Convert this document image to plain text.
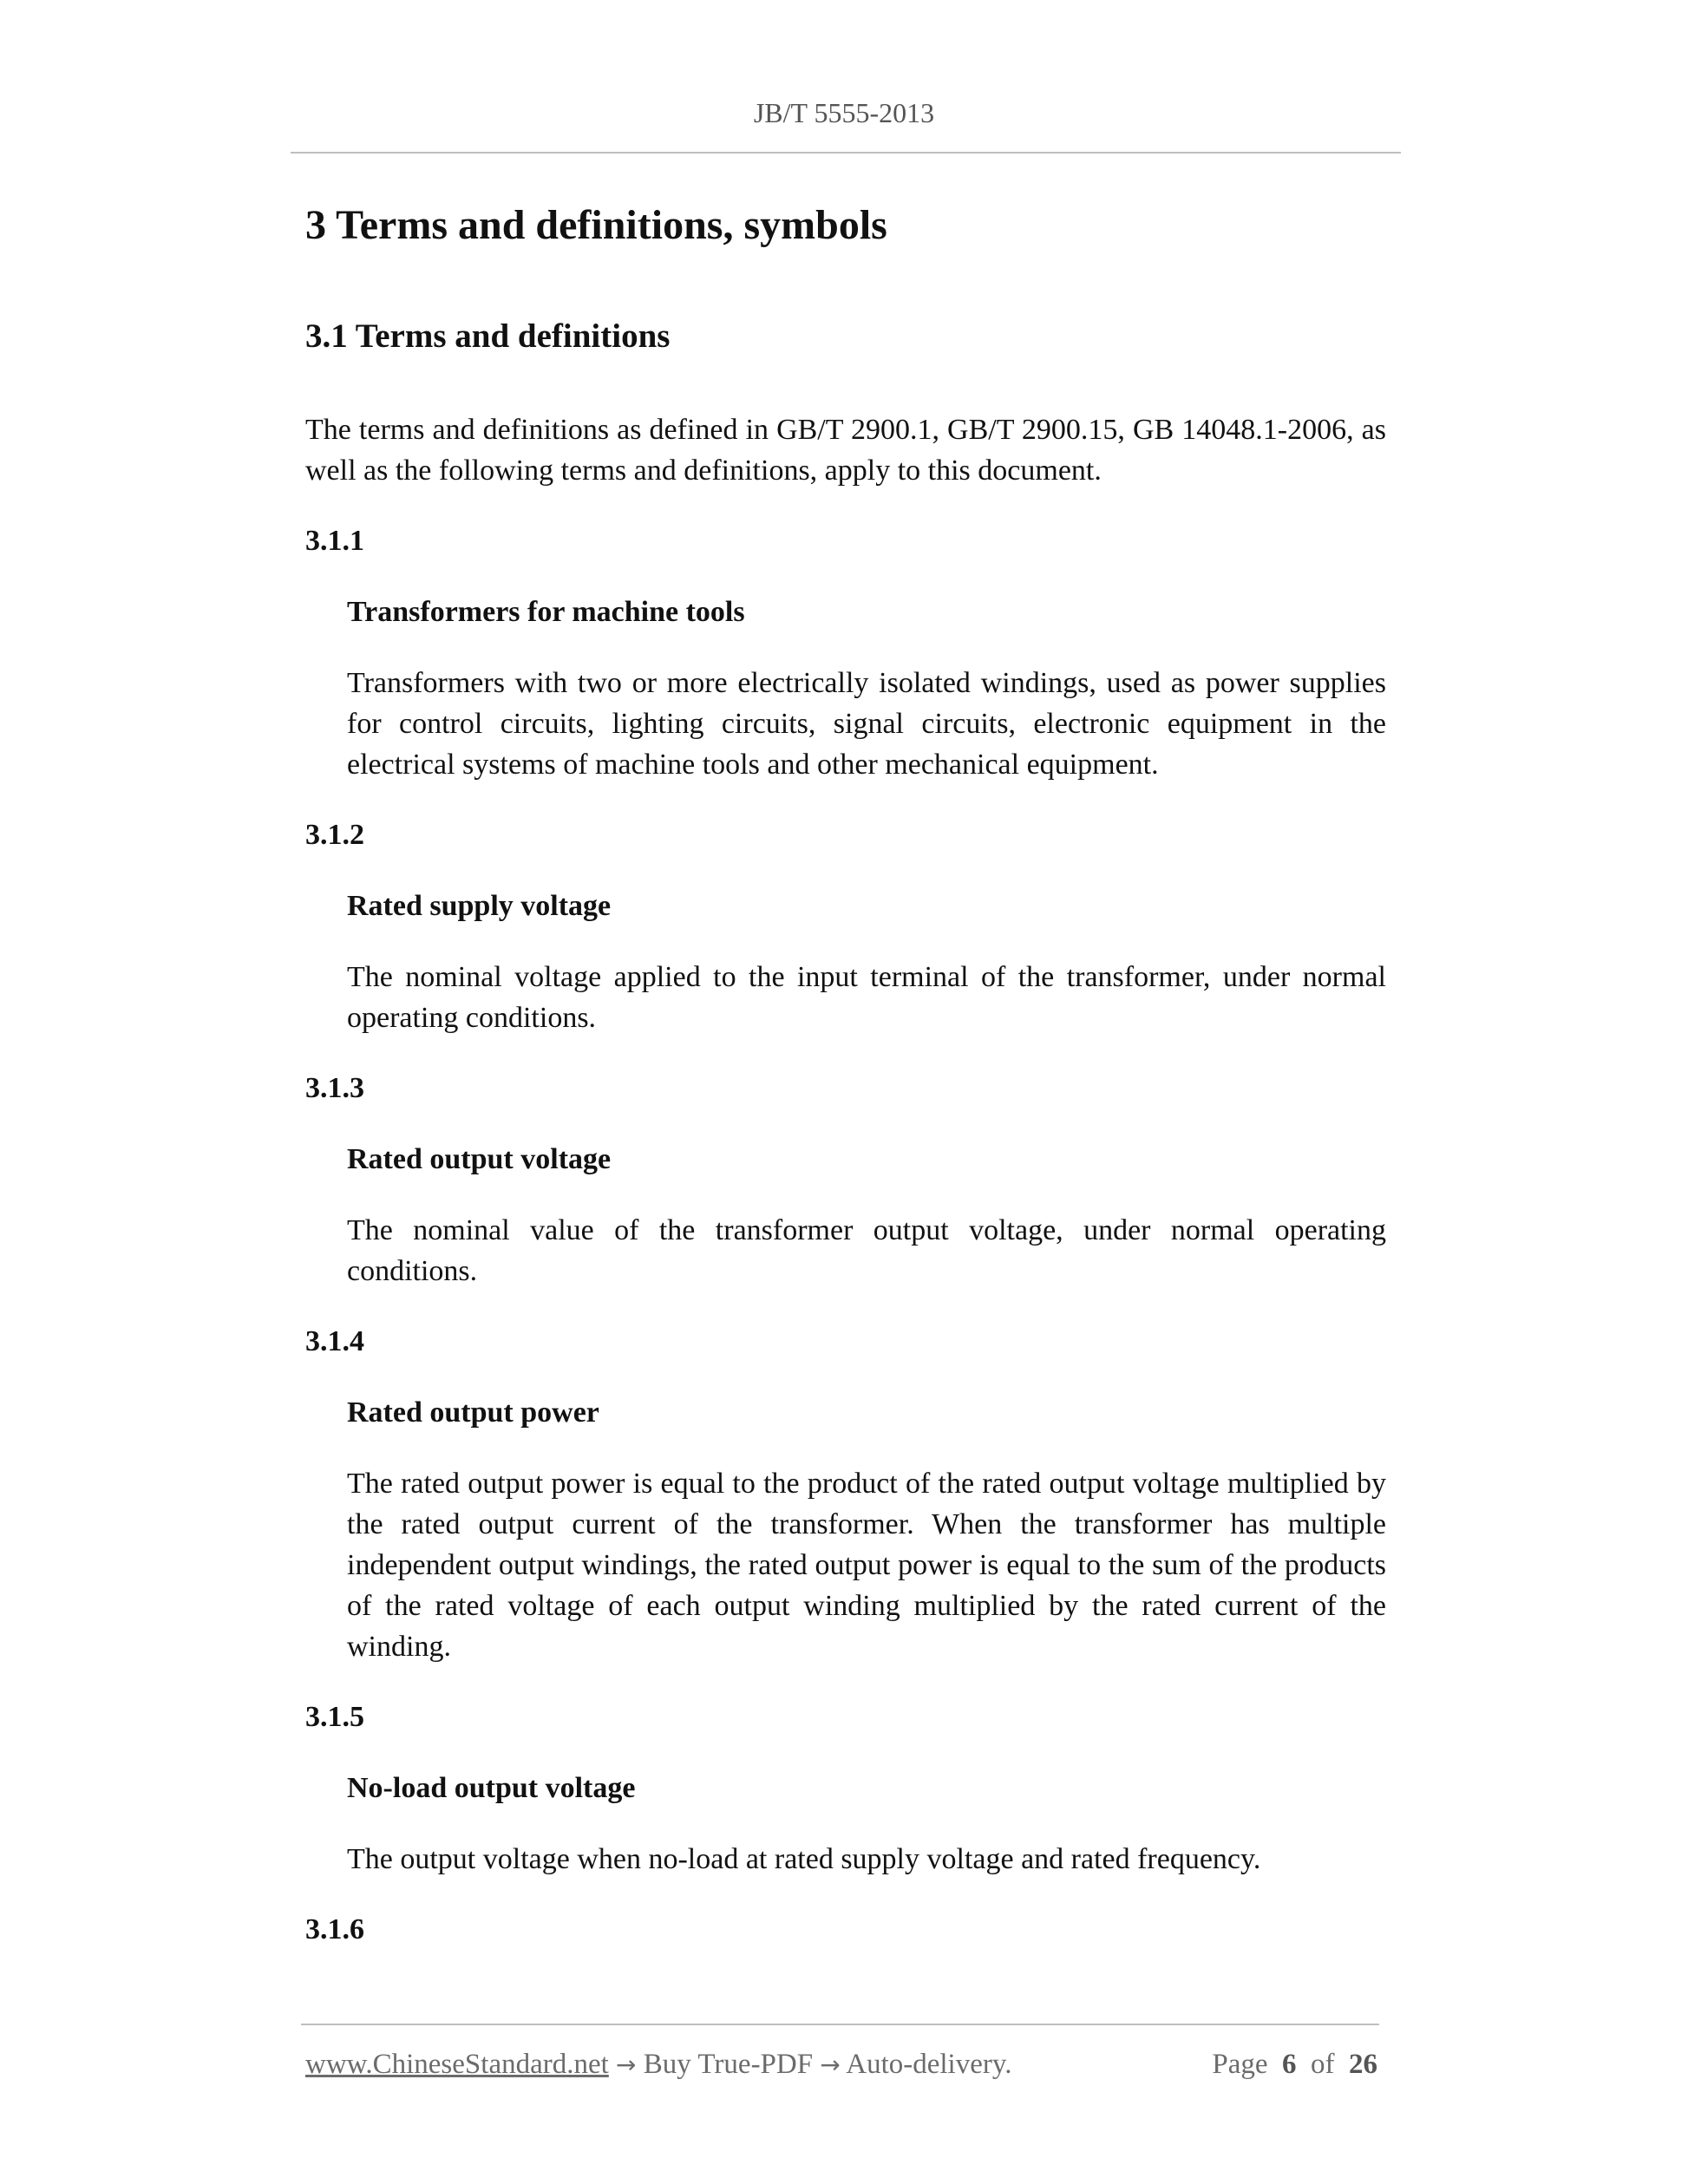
JB/T 5555-2013
3 Terms and definitions, symbols
3.1 Terms and definitions

The terms and definitions as defined in GB/T 2900.1, GB/T 2900.15, GB 14048.1-2006, as well as the following terms and definitions, apply to this document.

3.1.1
Transformers for machine tools
Transformers with two or more electrically isolated windings, used as power supplies for control circuits, lighting circuits, signal circuits, electronic equipment in the electrical systems of machine tools and other mechanical equipment.
3.1.2
Rated supply voltage
The nominal voltage applied to the input terminal of the transformer, under normal operating conditions.
3.1.3
Rated output voltage
The nominal value of the transformer output voltage, under normal operating conditions.
3.1.4
Rated output power
The rated output power is equal to the product of the rated output voltage multiplied by the rated output current of the transformer. When the transformer has multiple independent output windings, the rated output power is equal to the sum of the products of the rated voltage of each output winding multiplied by the rated current of the winding.
3.1.5
No-load output voltage
The output voltage when no-load at rated supply voltage and rated frequency.
3.1.6
www.ChineseStandard.net → Buy True-PDF → Auto-delivery.	Page 6 of 26
